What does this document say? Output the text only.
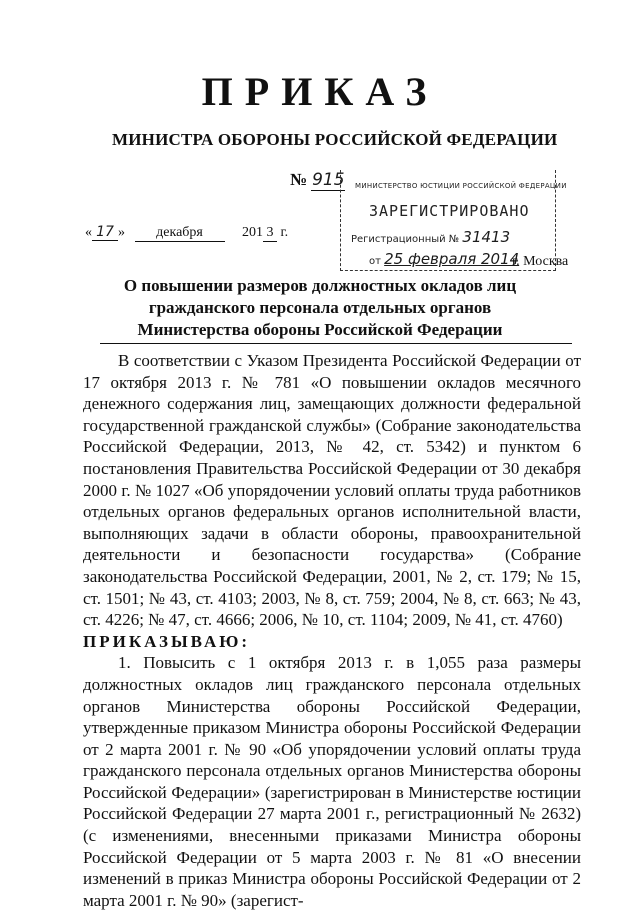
ПРИКАЗ
МИНИСТРА ОБОРОНЫ РОССИЙСКОЙ ФЕДЕРАЦИИ
№ 915
« 17 » декабря	201 3 г.
МИНИСТЕРСТВО ЮСТИЦИИ РОССИЙСКОЙ ФЕДЕРАЦИИ
ЗАРЕГИСТРИРОВАНО
Регистрационный № 31413
от 25 февраля 2014
г. Москва
О повышении размеров должностных окладов лиц
гражданского персонала отдельных органов
Министерства обороны Российской Федерации

В соответствии с Указом Президента Российской Федерации от 17 октября 2013 г. № 781 «О повышении окладов месячного денежного содержания лиц, замещающих должности федеральной государственной гражданской службы» (Собрание законодательства Российской Федерации, 2013, № 42, ст. 5342) и пунктом 6 постановления Правительства Российской Федерации от 30 декабря 2000 г. № 1027 «Об упорядочении условий оплаты труда работников отдельных органов федеральных органов исполнительной власти, выполняющих задачи в области обороны, правоохранительной деятельности и безопасности государства» (Собрание законодательства Российской Федерации, 2001, № 2, ст. 179; № 15, ст. 1501; № 43, ст. 4103; 2003, № 8, ст. 759; 2004, № 8, ст. 663; № 43, ст. 4226; № 47, ст. 4666; 2006, № 10, ст. 1104; 2009, № 41, ст. 4760)

ПРИКАЗЫВАЮ:

1. Повысить с 1 октября 2013 г. в 1,055 раза размеры должностных окладов лиц гражданского персонала отдельных органов Министерства обороны Российской Федерации, утвержденные приказом Министра обороны Российской Федерации от 2 марта 2001 г. № 90 «Об упорядочении условий оплаты труда гражданского персонала отдельных органов Министерства обороны Российской Федерации» (зарегистрирован в Министерстве юстиции Российской Федерации 27 марта 2001 г., регистрационный № 2632) (с изменениями, внесенными приказами Министра обороны Российской Федерации от 5 марта 2003 г. № 81 «О внесении изменений в приказ Министра обороны Российской Федерации от 2 марта 2001 г. № 90» (зарегист-
